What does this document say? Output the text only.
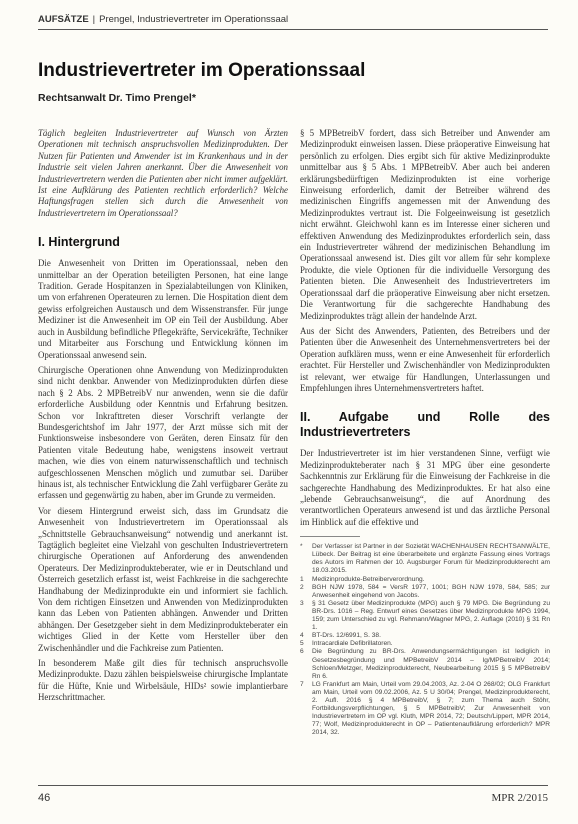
AUFSÄTZE | Prengel, Industrievertreter im Operationssaal
Industrievertreter im Operationssaal
Rechtsanwalt Dr. Timo Prengel*

Täglich begleiten Industrievertreter auf Wunsch von Ärzten Operationen mit technisch anspruchsvollen Medizinprodukten. Der Nutzen für Patienten und Anwender ist im Krankenhaus und in der Industrie seit vielen Jahren anerkannt. Über die Anwesenheit von Industrievertretern werden die Patienten aber nicht immer aufgeklärt. Ist eine Aufklärung des Patienten rechtlich erforderlich? Welche Haftungsfragen stellen sich durch die Anwesenheit von Industrievertretern im Operationssaal?

I. Hintergrund

Die Anwesenheit von Dritten im Operationssaal, neben den unmittelbar an der Operation beteiligten Personen, hat eine lange Tradition. Gerade Hospitanzen in Spezialabteilungen von Kliniken, um von erfahrenen Operateuren zu lernen. Die Hospitation dient dem gewiss erfolgreichen Austausch und dem Wissenstransfer. Für junge Mediziner ist die Anwesenheit im OP ein Teil der Ausbildung. Aber auch in Ausbildung befindliche Pflegekräfte, Servicekräfte, Techniker und Mitarbeiter aus Forschung und Entwicklung können im Operationssaal anwesend sein.

Chirurgische Operationen ohne Anwendung von Medizinprodukten sind nicht denkbar. Anwender von Medizinprodukten dürfen diese nach § 2 Abs. 2 MPBetreibV nur anwenden, wenn sie die dafür erforderliche Ausbildung oder Kenntnis und Erfahrung besitzen. Schon vor Inkrafttreten dieser Vorschrift verlangte der Bundesgerichtshof im Jahr 1977, der Arzt müsse sich mit der Funktionsweise insbesondere von Geräten, deren Einsatz für den Patienten vitale Bedeutung habe, wenigstens insoweit vertraut machen, wie dies von einem naturwissenschaftlich und technisch aufgeschlossenen Menschen möglich und zumutbar sei. Darüber hinaus ist, als technischer Entwicklung die Zahl verfügbarer Geräte zu erfassen und gegenwärtig zu haben, aber im Grunde zu vermeiden.

Vor diesem Hintergrund erweist sich, dass im Grundsatz die Anwesenheit von Industrievertretern im Operationssaal als „Schnittstelle Gebrauchsanweisung“ notwendig und anerkannt ist. Tagtäglich begleitet eine Vielzahl von geschulten Industrievertretern chirurgische Operationen auf Anforderung des anwendenden Operateurs. Der Medizinprodukteberater, wie er in Deutschland und Österreich gesetzlich erfasst ist, weist Fachkreise in die sachgerechte Handhabung der Medizinprodukte ein und informiert sie fachlich. Von dem richtigen Einsetzen und Anwenden von Medizinprodukten kann das Leben von Patienten abhängen. Anwender und Dritten abhängen. Der Gesetzgeber sieht in dem Medizinprodukteberater ein wichtiges Glied in der Kette vom Hersteller über den Zwischenhändler und die Fachkreise zum Patienten.

In besonderem Maße gilt dies für technisch anspruchsvolle Medizinprodukte. Dazu zählen beispielsweise chirurgische Implantate für die Hüfte, Knie und Wirbelsäule, HIDs² sowie implantierbare Herzschrittmacher.

§ 5 MPBetreibV fordert, dass sich Betreiber und Anwender am Medizinprodukt einweisen lassen. Diese präoperative Einweisung hat persönlich zu erfolgen. Dies ergibt sich für aktive Medizinprodukte unmittelbar aus § 5 Abs. 1 MPBetreibV. Aber auch bei anderen erklärungsbedürftigen Medizinprodukten ist eine vorherige Einweisung erforderlich, damit der Betreiber während des medizinischen Eingriffs angemessen mit der Anwendung des Medizinproduktes vertraut ist. Die Folgeeinweisung ist gesetzlich nicht erwähnt. Gleichwohl kann es im Interesse einer sicheren und effektiven Anwendung des Medizinproduktes erforderlich sein, dass ein Industrievertreter während der medizinischen Behandlung im Operationssaal anwesend ist. Dies gilt vor allem für sehr komplexe Produkte, die viele Optionen für die individuelle Versorgung des Patienten bieten. Die Anwesenheit des Industrievertreters im Operationssaal darf die präoperative Einweisung aber nicht ersetzen. Die Verantwortung für die sachgerechte Handhabung des Medizinproduktes trägt allein der handelnde Arzt.

Aus der Sicht des Anwenders, Patienten, des Betreibers und der Patienten über die Anwesenheit des Unternehmensvertreters bei der Operation aufklären muss, wenn er eine Anwesenheit für erforderlich erachtet. Für Hersteller und Zwischenhändler von Medizinprodukten ist relevant, wer etwaige für Handlungen, Unterlassungen und Empfehlungen ihres Unternehmensvertreters haftet.

II. Aufgabe und Rolle des Industrievertreters

Der Industrievertreter ist im hier verstandenen Sinne, verfügt wie Medizinprodukteberater nach § 31 MPG über eine gesonderte Sachkenntnis zur Erklärung für die Einweisung der Fachkreise in die sachgerechte Handhabung des Medizinproduktes. Er hat also eine „lebende Gebrauchsanweisung“, die auf Anordnung des verantwortlichen Operateurs anwesend ist und das ärztliche Personal im Hinblick auf die effektive und

*	Der Verfasser ist Partner in der Sozietät WACHENHAUSEN RECHTSANWÄLTE, Lübeck. Der Beitrag ist eine überarbeitete und ergänzte Fassung eines Vortrags des Autors im Rahmen der 10. Augsburger Forum für Medizinprodukterecht am 18.03.2015.
1	Medizinprodukte-Betreiberverordnung.
2	BGH NJW 1978, 584 = VersR 1977, 1001; BGH NJW 1978, 584, 585; zur Anwesenheit eingehend von Jacobs.
3	§ 31 Gesetz über Medizinprodukte (MPG) auch § 79 MPG. Die Begründung zu BR-Drs. 1016 – Reg. Entwurf eines Gesetzes über Medizinprodukte MPG 1994, 159; zum Unterschied zu vgl. Rehmann/Wagner MPG, 2. Auflage (2010) § 31 Rn 1.
4	BT-Drs. 12/6991, S. 38.
5	Intracardiale Defibrillatoren.
6	Die Begründung zu BR-Drs. Anwendungsermächtigungen ist lediglich in Gesetzesbegründung und MPBetreibV 2014 – Ig/MPBetreibV 2014; Schloen/Metzger, Medizinprodukterecht, Neubearbeitung 2015 § 5 MPBetreibV Rn 6.
7	LG Frankfurt am Main, Urteil vom 29.04.2003, Az. 2-04 O 268/02; OLG Frankfurt am Main, Urteil vom 09.02.2006, Az. 5 U 30/04; Prengel, Medizinprodukterecht, 2. Aufl. 2016 § 4 MPBetreibV, § 7; zum Thema auch Stöhr, Fortbildungsverpflichtungen, § 5 MPBetreibV; Zur Anwesenheit von Industrievertretern im OP vgl. Kluth, MPR 2014, 72; Deutsch/Lippert, MPR 2014, 77; Wolf, Medizinprodukterecht in OP – Patientenaufklärung erforderlich? MPR 2014, 32.
46	MPR 2/2015
